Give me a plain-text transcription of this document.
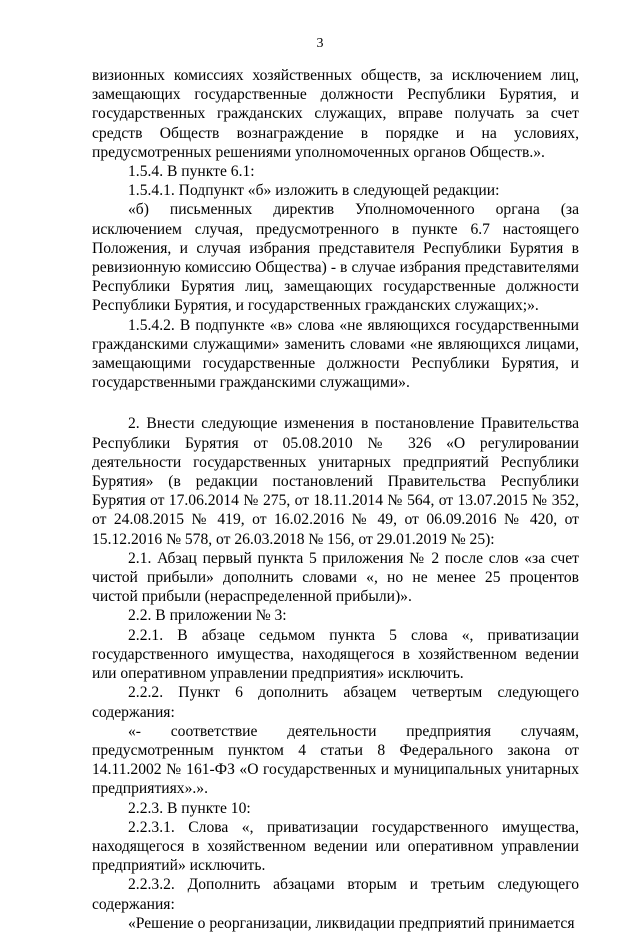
3

визионных комиссиях хозяйственных обществ, за исключением лиц, замещающих государственные должности Республики Бурятия, и государственных гражданских служащих, вправе получать за счет средств Обществ вознаграждение в порядке и на условиях, предусмотренных решениями уполномоченных органов Обществ.».

1.5.4. В пункте 6.1:

1.5.4.1. Подпункт «б» изложить в следующей редакции:

«б) письменных директив Уполномоченного органа (за исключением случая, предусмотренного в пункте 6.7 настоящего Положения, и случая избрания представителя Республики Бурятия в ревизионную комиссию Общества) - в случае избрания представителями Республики Бурятия лиц, замещающих государственные должности Республики Бурятия, и государственных гражданских служащих;».

1.5.4.2. В подпункте «в» слова «не являющихся государственными гражданскими служащими» заменить словами «не являющихся лицами, замещающими государственные должности Республики Бурятия, и государственными гражданскими служащими».

2. Внести следующие изменения в постановление Правительства Республики Бурятия от 05.08.2010 № 326 «О регулировании деятельности государственных унитарных предприятий Республики Бурятия» (в редакции постановлений Правительства Республики Бурятия от 17.06.2014 № 275, от 18.11.2014 № 564, от 13.07.2015 № 352, от 24.08.2015 № 419, от 16.02.2016 № 49, от 06.09.2016 № 420, от 15.12.2016 № 578, от 26.03.2018 № 156, от 29.01.2019 № 25):

2.1. Абзац первый пункта 5 приложения № 2 после слов «за счет чистой прибыли» дополнить словами «, но не менее 25 процентов чистой прибыли (нераспределенной прибыли)».

2.2. В приложении № 3:

2.2.1. В абзаце седьмом пункта 5 слова «, приватизации государственного имущества, находящегося в хозяйственном ведении или оперативном управлении предприятия» исключить.

2.2.2. Пункт 6 дополнить абзацем четвертым следующего содержания:

«- соответствие деятельности предприятия случаям, предусмотренным пунктом 4 статьи 8 Федерального закона от 14.11.2002 № 161-ФЗ «О государственных и муниципальных унитарных предприятиях».».

2.2.3. В пункте 10:

2.2.3.1. Слова «, приватизации государственного имущества, находящегося в хозяйственном ведении или оперативном управлении предприятий» исключить.

2.2.3.2. Дополнить абзацами вторым и третьим следующего содержания:

«Решение о реорганизации, ликвидации предприятий принимается
